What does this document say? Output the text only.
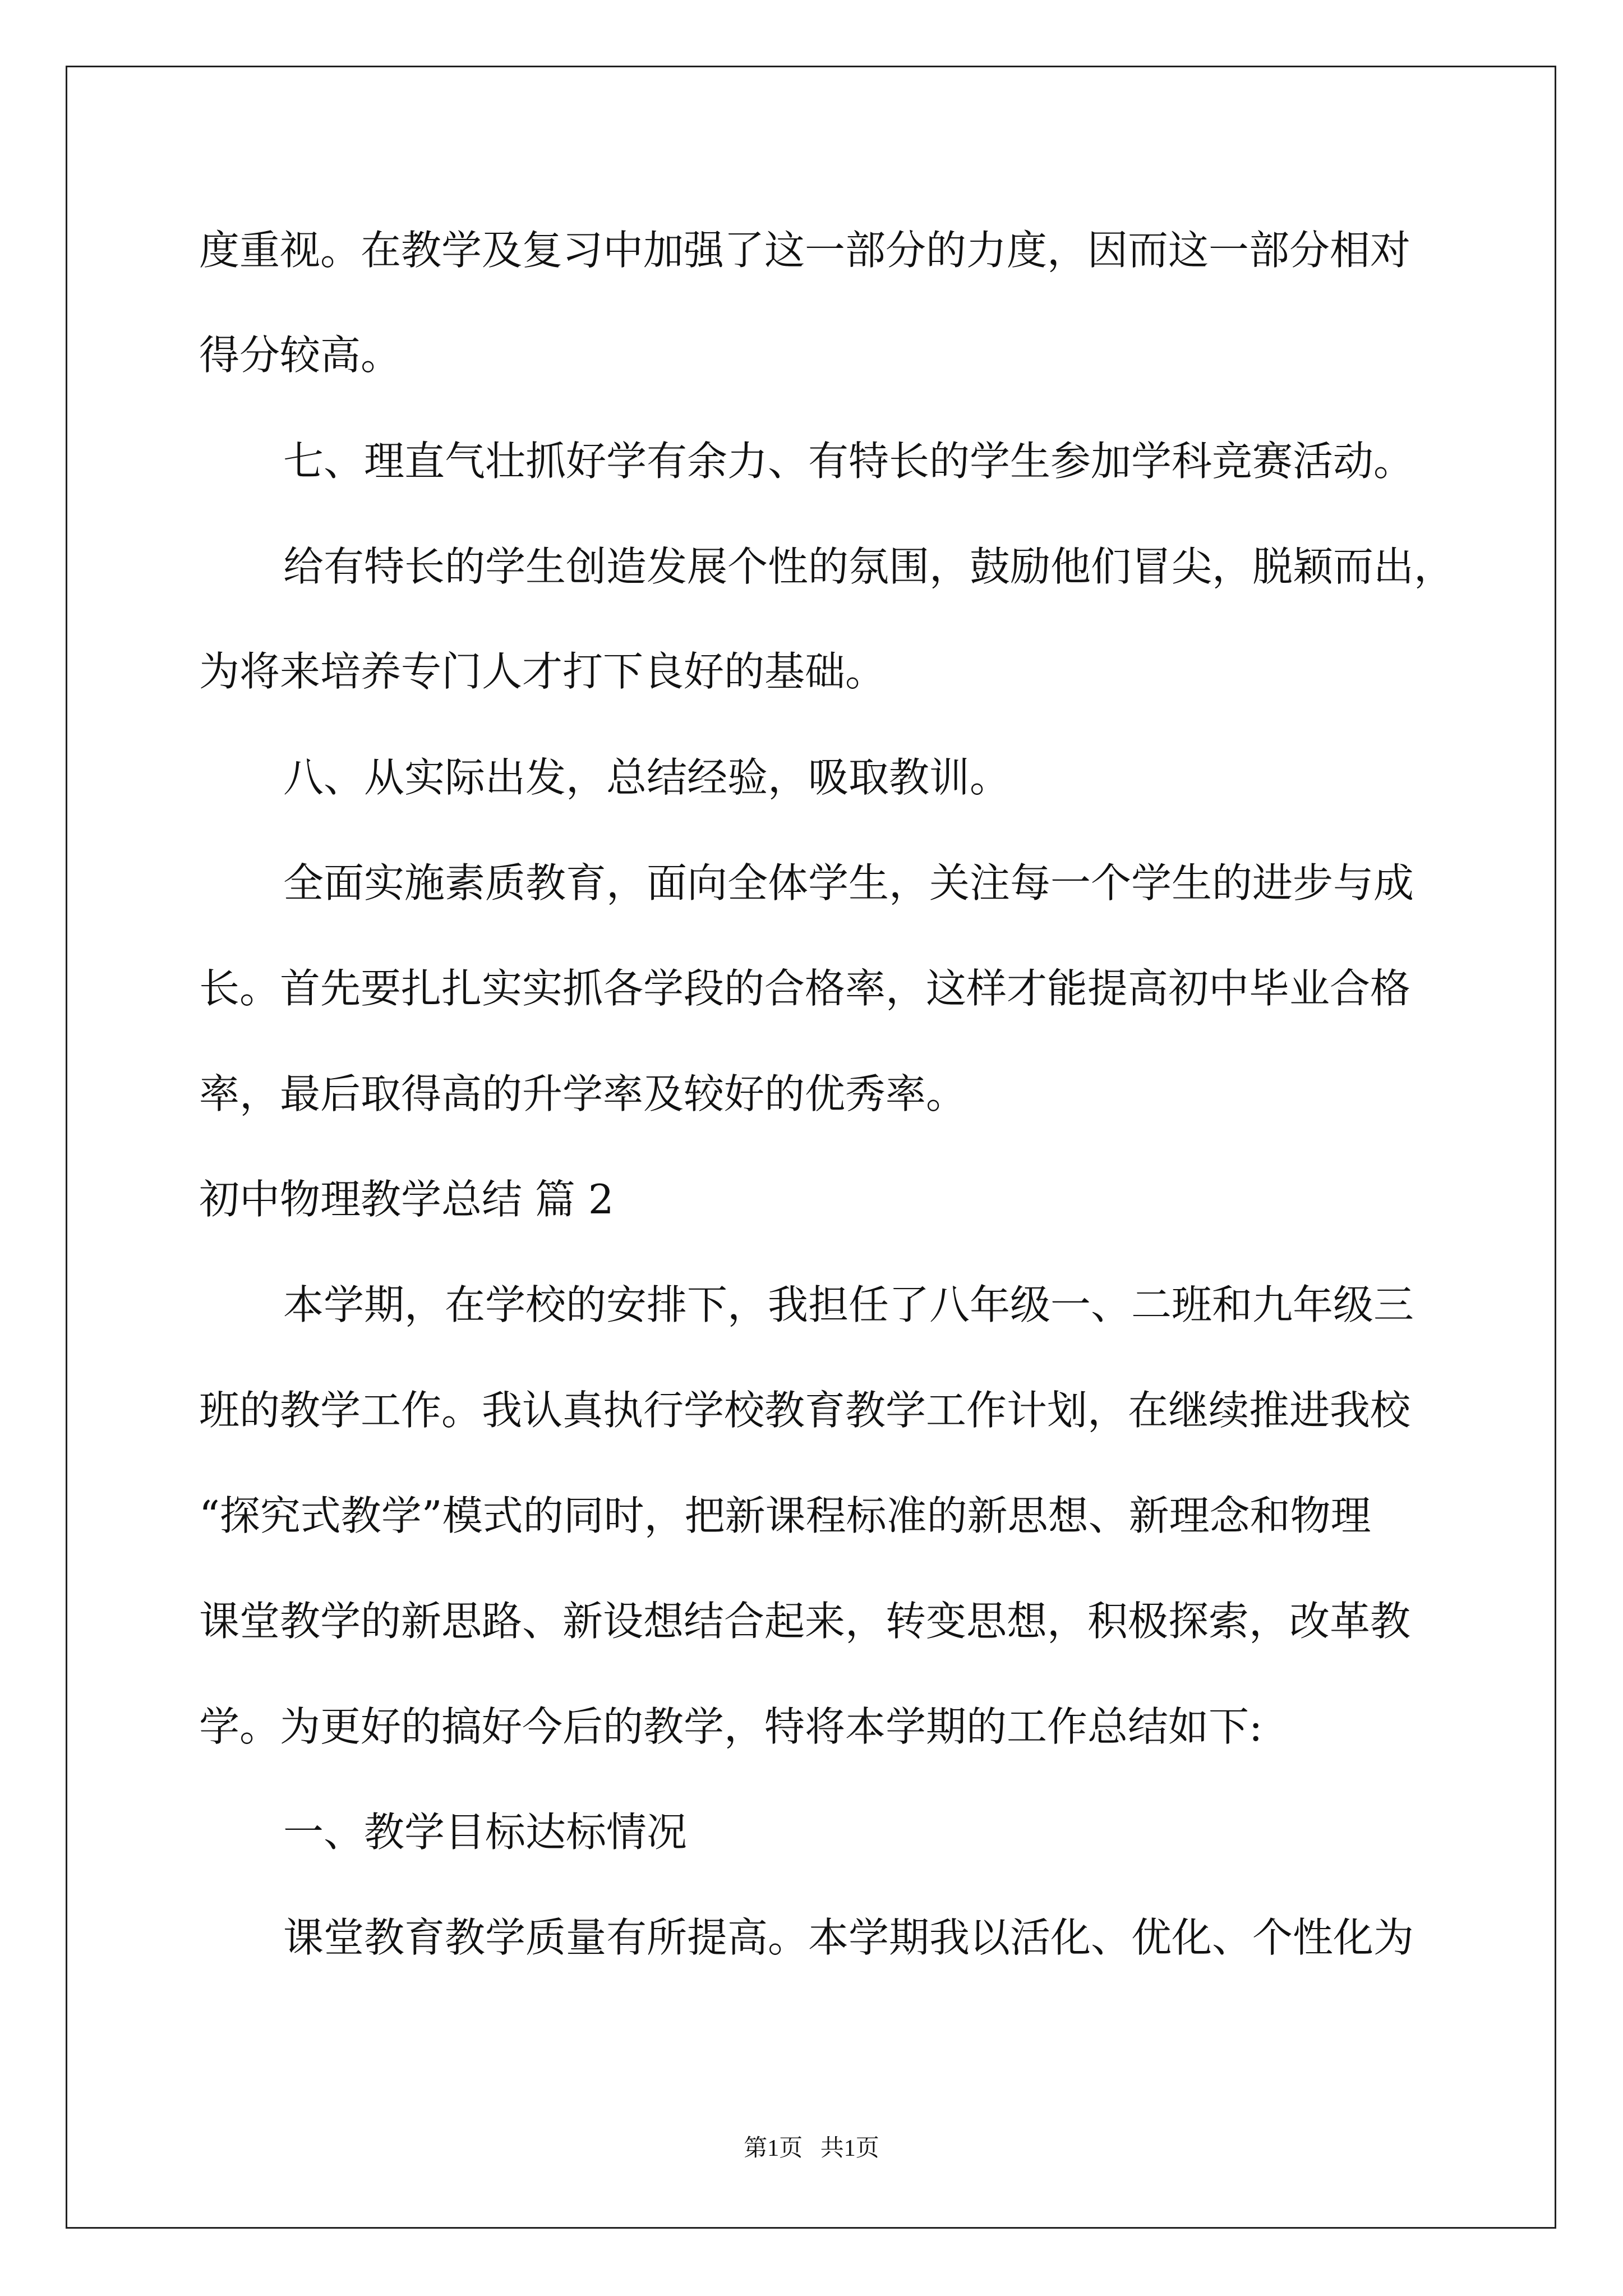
度重视。在教学及复习中加强了这一部分的力度，因而这一部分相对
得分较高。
七、理直气壮抓好学有余力、有特长的学生参加学科竞赛活动。
给有特长的学生创造发展个性的氛围，鼓励他们冒尖，脱颖而出，
为将来培养专门人才打下良好的基础。
八、从实际出发，总结经验，吸取教训。
全面实施素质教育，面向全体学生，关注每一个学生的进步与成
长。首先要扎扎实实抓各学段的合格率，这样才能提高初中毕业合格
率，最后取得高的升学率及较好的优秀率。
初中物理教学总结 篇 2
本学期，在学校的安排下，我担任了八年级一、二班和九年级三
班的教学工作。我认真执行学校教育教学工作计划，在继续推进我校
“探究式教学”模式的同时，把新课程标准的新思想、新理念和物理
课堂教学的新思路、新设想结合起来，转变思想，积极探索，改革教
学。为更好的搞好今后的教学，特将本学期的工作总结如下:
一、教学目标达标情况
课堂教育教学质量有所提高。本学期我以活化、优化、个性化为
第1页   共1页
